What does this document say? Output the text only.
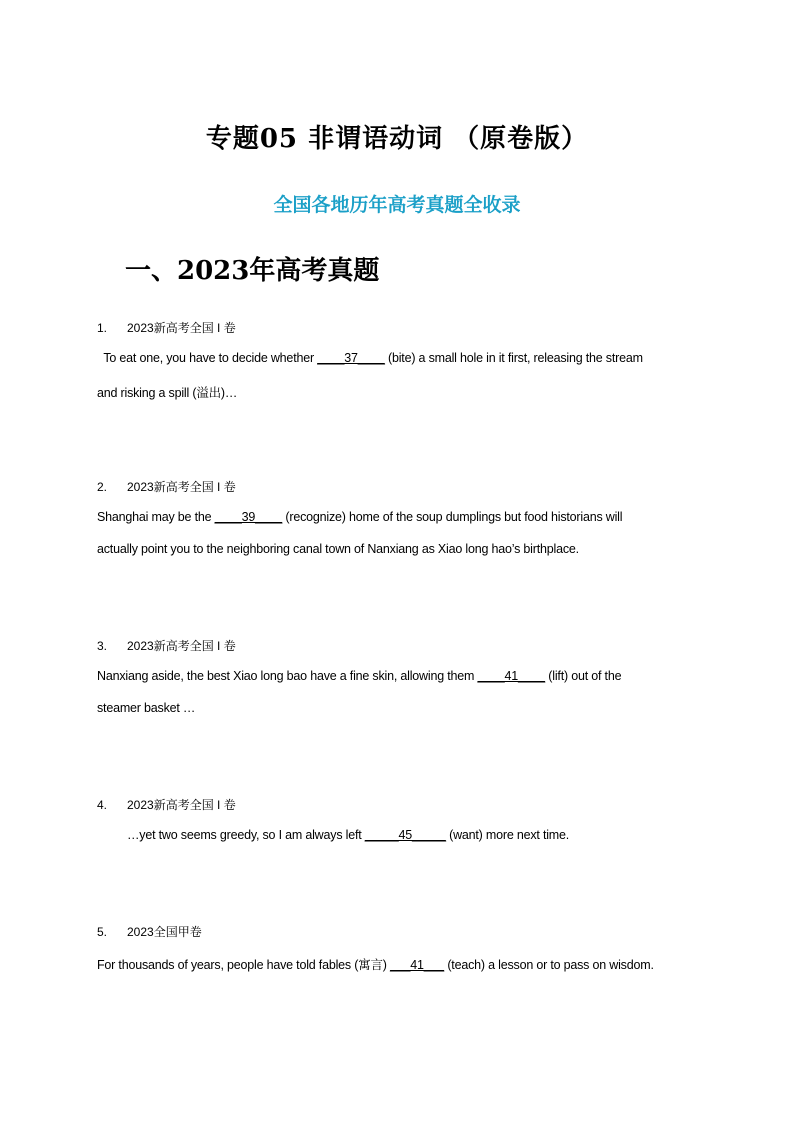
专题05 非谓语动词 （原卷版）
全国各地历年高考真题全收录
一、2023年高考真题
1. 2023新高考全国 I 卷
To eat one, you have to decide whether ____37____ (bite) a small hole in it first, releasing the stream
and risking a spill (溢出)…
2. 2023新高考全国 I 卷
Shanghai may be the ____39____ (recognize) home of the soup dumplings but food historians will
actually point you to the neighboring canal town of Nanxiang as Xiao long hao’s birthplace.
3. 2023新高考全国 I 卷
Nanxiang aside, the best Xiao long bao have a fine skin, allowing them ____41____ (lift) out of the
steamer basket …
4. 2023新高考全国 I 卷
…yet two seems greedy, so I am always left _____45_____ (want) more next time.
5. 2023全国甲卷
For thousands of years, people have told fables (寓言) ___41___ (teach) a lesson or to pass on wisdom.
